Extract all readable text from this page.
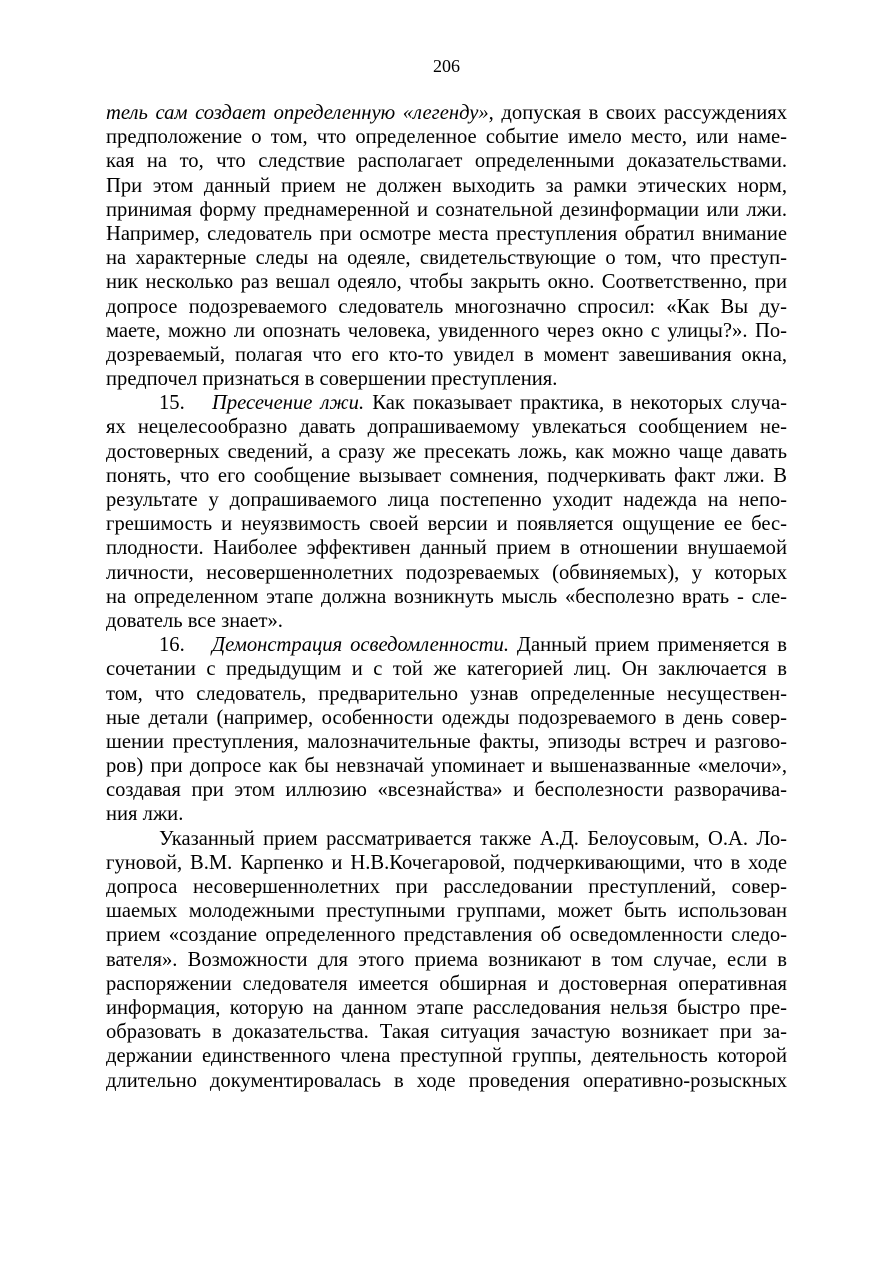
206
тель сам создает определенную «легенду», допуская в своих рассуждениях
предположение о том, что определенное событие имело место, или наме-
кая на то, что следствие располагает определенными доказательствами.
При этом данный прием не должен выходить за рамки этических норм,
принимая форму преднамеренной и сознательной дезинформации или лжи.
Например, следователь при осмотре места преступления обратил внимание
на характерные следы на одеяле, свидетельствующие о том, что преступ-
ник несколько раз вешал одеяло, чтобы закрыть окно. Соответственно, при
допросе подозреваемого следователь многозначно спросил: «Как Вы ду-
маете, можно ли опознать человека, увиденного через окно с улицы?». По-
дозреваемый, полагая что его кто-то увидел в момент завешивания окна,
предпочел признаться в совершении преступления.
15. Пресечение лжи. Как показывает практика, в некоторых случа-
ях нецелесообразно давать допрашиваемому увлекаться сообщением не-
достоверных сведений, а сразу же пресекать ложь, как можно чаще давать
понять, что его сообщение вызывает сомнения, подчеркивать факт лжи. В
результате у допрашиваемого лица постепенно уходит надежда на непо-
грешимость и неуязвимость своей версии и появляется ощущение ее бес-
плодности. Наиболее эффективен данный прием в отношении внушаемой
личности, несовершеннолетних подозреваемых (обвиняемых), у которых
на определенном этапе должна возникнуть мысль «бесполезно врать - сле-
дователь все знает».
16. Демонстрация осведомленности. Данный прием применяется в
сочетании с предыдущим и с той же категорией лиц. Он заключается в
том, что следователь, предварительно узнав определенные несуществен-
ные детали (например, особенности одежды подозреваемого в день совер-
шении преступления, малозначительные факты, эпизоды встреч и разгово-
ров) при допросе как бы невзначай упоминает и вышеназванные «мелочи»,
создавая при этом иллюзию «всезнайства» и бесполезности разворачива-
ния лжи.
Указанный прием рассматривается также А.Д. Белоусовым, О.А. Ло-
гуновой, В.М. Карпенко и Н.В.Кочегаровой, подчеркивающими, что в ходе
допроса несовершеннолетних при расследовании преступлений, совер-
шаемых молодежными преступными группами, может быть использован
прием «создание определенного представления об осведомленности следо-
вателя». Возможности для этого приема возникают в том случае, если в
распоряжении следователя имеется обширная и достоверная оперативная
информация, которую на данном этапе расследования нельзя быстро пре-
образовать в доказательства. Такая ситуация зачастую возникает при за-
держании единственного члена преступной группы, деятельность которой
длительно документировалась в ходе проведения оперативно-розыскных
